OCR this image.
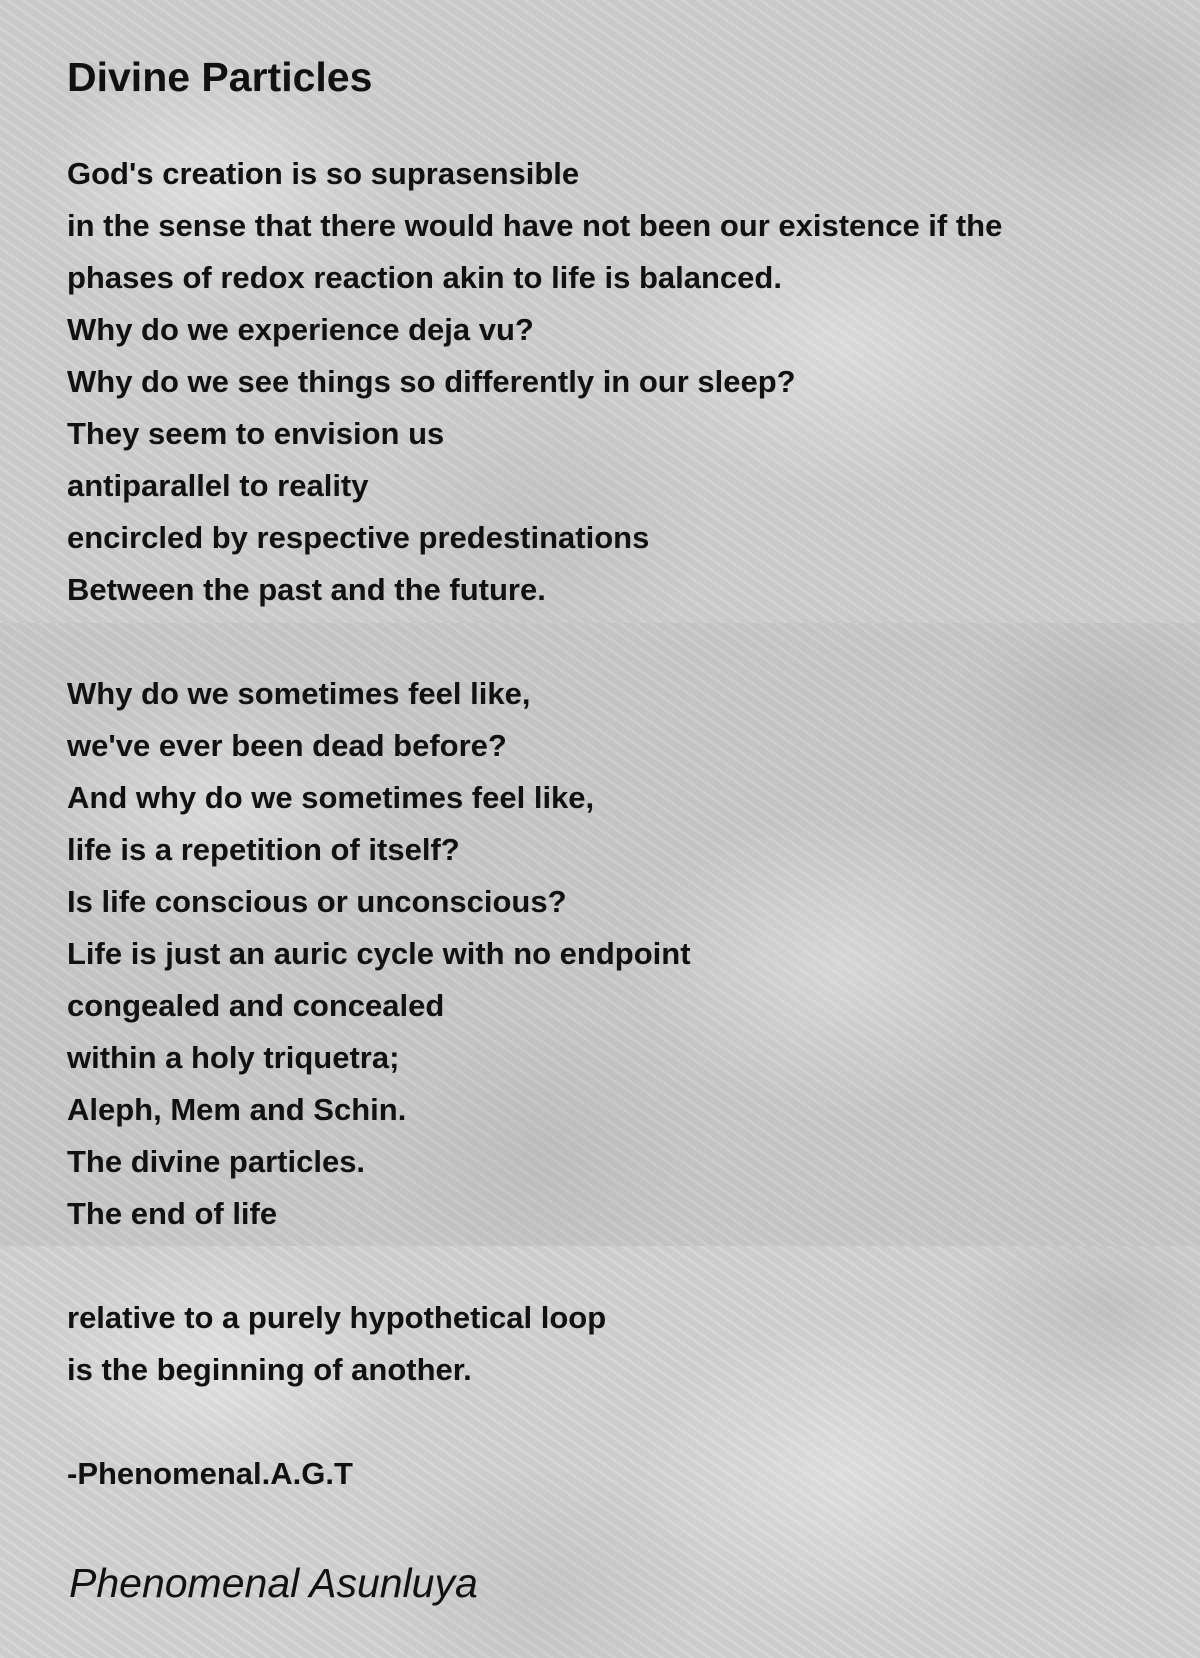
Divine Particles

God's creation is so suprasensible

in the sense that there would have not been our existence if the

phases of redox reaction akin to life is balanced.

Why do we experience deja vu?

Why do we see things so differently in our sleep?

They seem to envision us

antiparallel to reality

encircled by respective predestinations

Between the past and the future.

Why do we sometimes feel like,

we've ever been dead before?

And why do we sometimes feel like,

life is a repetition of itself?

Is life conscious or unconscious?

Life is just an auric cycle with no endpoint

congealed and concealed

within a holy triquetra;

Aleph, Mem and Schin.

The divine particles.

The end of life

relative to a purely hypothetical loop

is the beginning of another.

-Phenomenal.A.G.T

Phenomenal Asunluya
